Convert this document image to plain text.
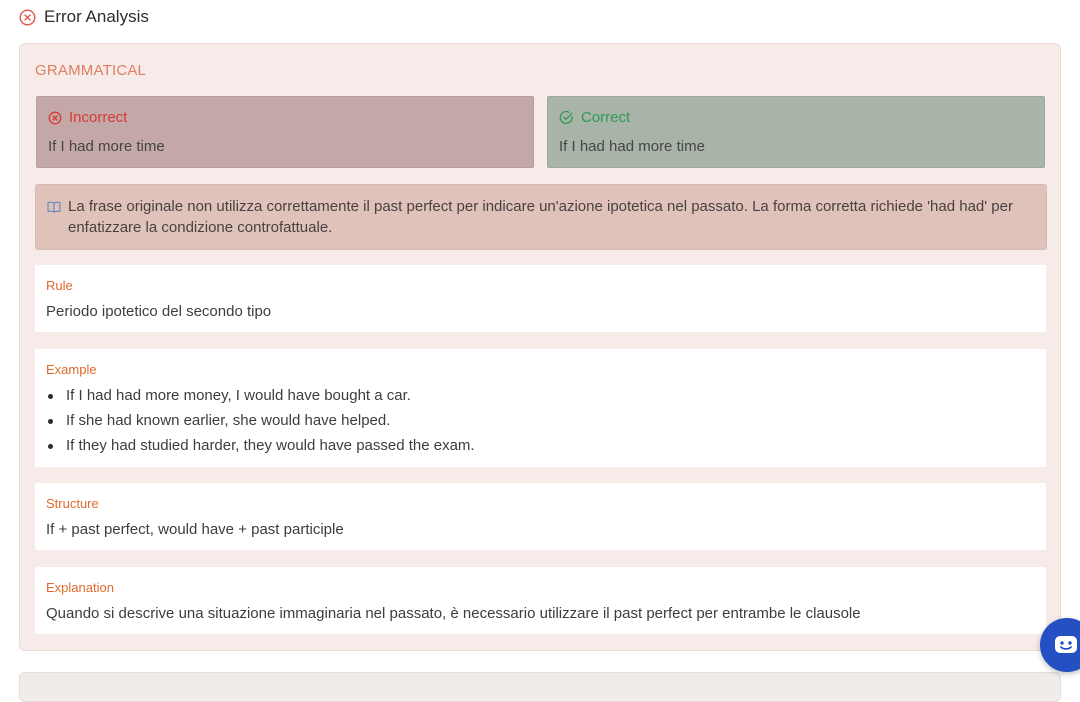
Error Analysis
GRAMMATICAL
Incorrect
If I had more time
Correct
If I had had more time
La frase originale non utilizza correttamente il past perfect per indicare un'azione ipotetica nel passato. La forma corretta richiede 'had had' per enfatizzare la condizione controfattuale.
Rule
Periodo ipotetico del secondo tipo
Example
If I had had more money, I would have bought a car.
If she had known earlier, she would have helped.
If they had studied harder, they would have passed the exam.
Structure
If + past perfect, would have + past participle
Explanation
Quando si descrive una situazione immaginaria nel passato, è necessario utilizzare il past perfect per entrambe le clausole
